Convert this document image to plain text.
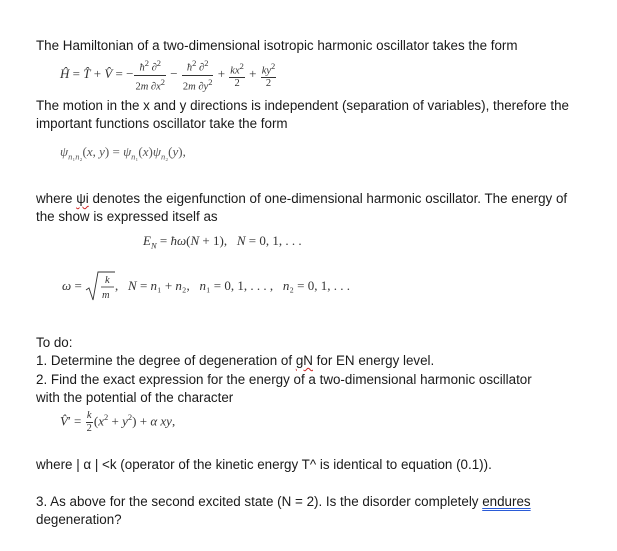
The Hamiltonian of a two-dimensional isotropic harmonic oscillator takes the form
Ĥ = T̂ + V̂ = − $\frac{ħ^2 \partial^2}{2m \partial x^2} - \frac{ħ^2 \partial^2}{2m \partial y^2} + \frac{kx^2}{2} + \frac{ky^2}{2}$
The motion in the x and y directions is independent (separation of variables), therefore the
important functions oscillator take the form
$\psi_{n_1n_2}(x$, $y) = \psi_{n_1}(x)\psi_{n_2}(y)$,
where ψi denotes the eigenfunction of one-dimensional harmonic oscillator. The energy of
the show is expressed itself as
$E_N$ = ħω(N + 1),   N = 0, 1, . . .
ω = k
m
,   N = n₁ + n₂,   n₁ = 0, 1, . . . ,   n₂ = 0, 1, . . .
To do:
1. Determine the degree of degeneration of gN for EN energy level.
2. Find the exact expression for the energy of a two-dimensional harmonic oscillator
with the potential of the character
V̂′ = $\frac{k}{2} (x^2 + y^2) + \alpha$ xy,
where | α | <k (operator of the kinetic energy T^ is identical to equation (0.1)).
3. As above for the second excited state (N = 2). Is the disorder completely endures
degeneration?
